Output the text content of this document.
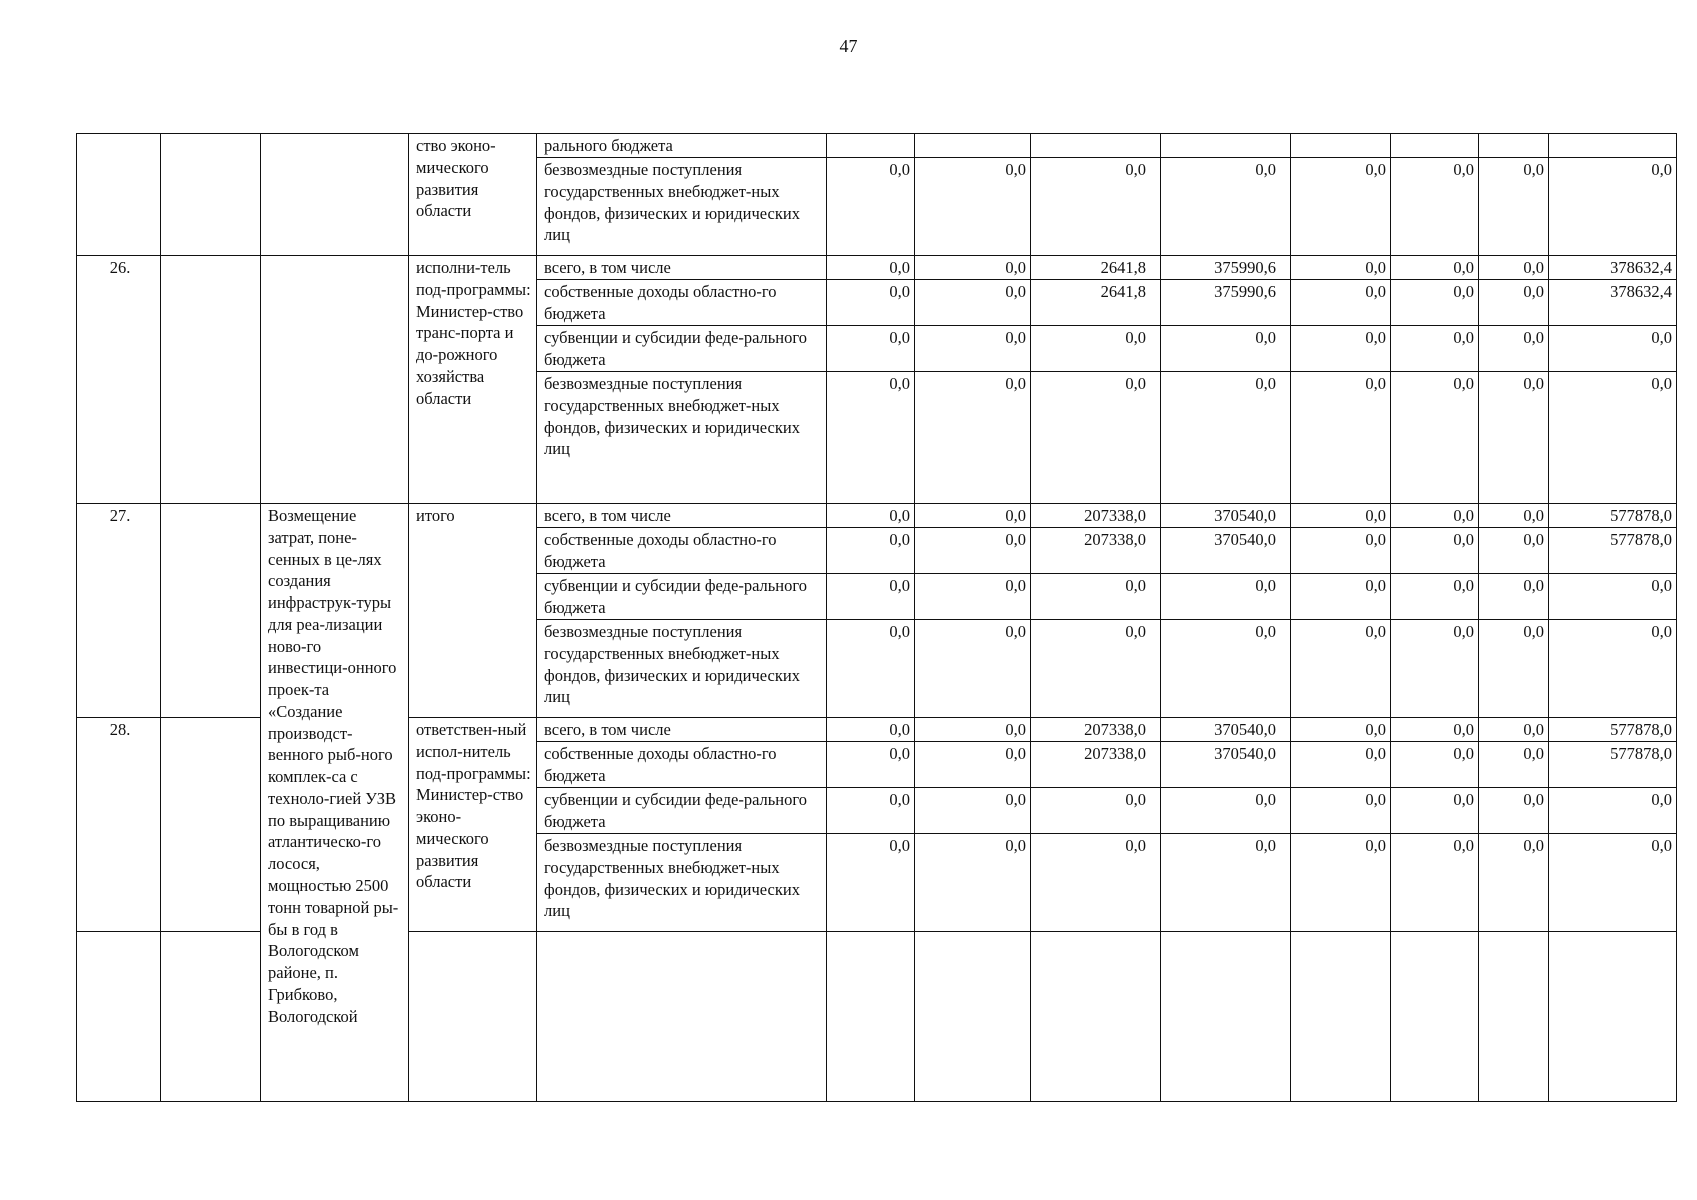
47
			ство эконо-мического развития области	рального бюджета								
				безвозмездные поступления государственных внебюджет-ных фондов, физических и юридических лиц	0,0	0,0	0,0	0,0	0,0	0,0	0,0	0,0
26.			исполни-тель под-программы: Министер-ство транс-порта и до-рожного хозяйства области	всего, в том числе	0,0	0,0	2641,8	375990,6	0,0	0,0	0,0	378632,4
				собственные доходы областно-го бюджета	0,0	0,0	2641,8	375990,6	0,0	0,0	0,0	378632,4
				субвенции и субсидии феде-рального бюджета	0,0	0,0	0,0	0,0	0,0	0,0	0,0	0,0
				безвозмездные поступления государственных внебюджет-ных фондов, физических и юридических лиц	0,0	0,0	0,0	0,0	0,0	0,0	0,0	0,0
27.		Возмещение затрат, поне-сенных в це-лях создания инфраструк-туры для реа-лизации ново-го инвестици-онного проек-та «Создание производст-венного рыб-ного комплек-са с техноло-гией УЗВ по выращиванию атлантическо-го лосося, мощностью 2500 тонн товарной ры-бы в год в Вологодском районе, п. Грибково, Вологодской	итого	всего, в том числе	0,0	0,0	207338,0	370540,0	0,0	0,0	0,0	577878,0
				собственные доходы областно-го бюджета	0,0	0,0	207338,0	370540,0	0,0	0,0	0,0	577878,0
				субвенции и субсидии феде-рального бюджета	0,0	0,0	0,0	0,0	0,0	0,0	0,0	0,0
				безвозмездные поступления государственных внебюджет-ных фондов, физических и юридических лиц	0,0	0,0	0,0	0,0	0,0	0,0	0,0	0,0
28.			ответствен-ный испол-нитель под-программы: Министер-ство эконо-мического развития области	всего, в том числе	0,0	0,0	207338,0	370540,0	0,0	0,0	0,0	577878,0
				собственные доходы областно-го бюджета	0,0	0,0	207338,0	370540,0	0,0	0,0	0,0	577878,0
				субвенции и субсидии феде-рального бюджета	0,0	0,0	0,0	0,0	0,0	0,0	0,0	0,0
				безвозмездные поступления государственных внебюджет-ных фондов, физических и юридических лиц	0,0	0,0	0,0	0,0	0,0	0,0	0,0	0,0
